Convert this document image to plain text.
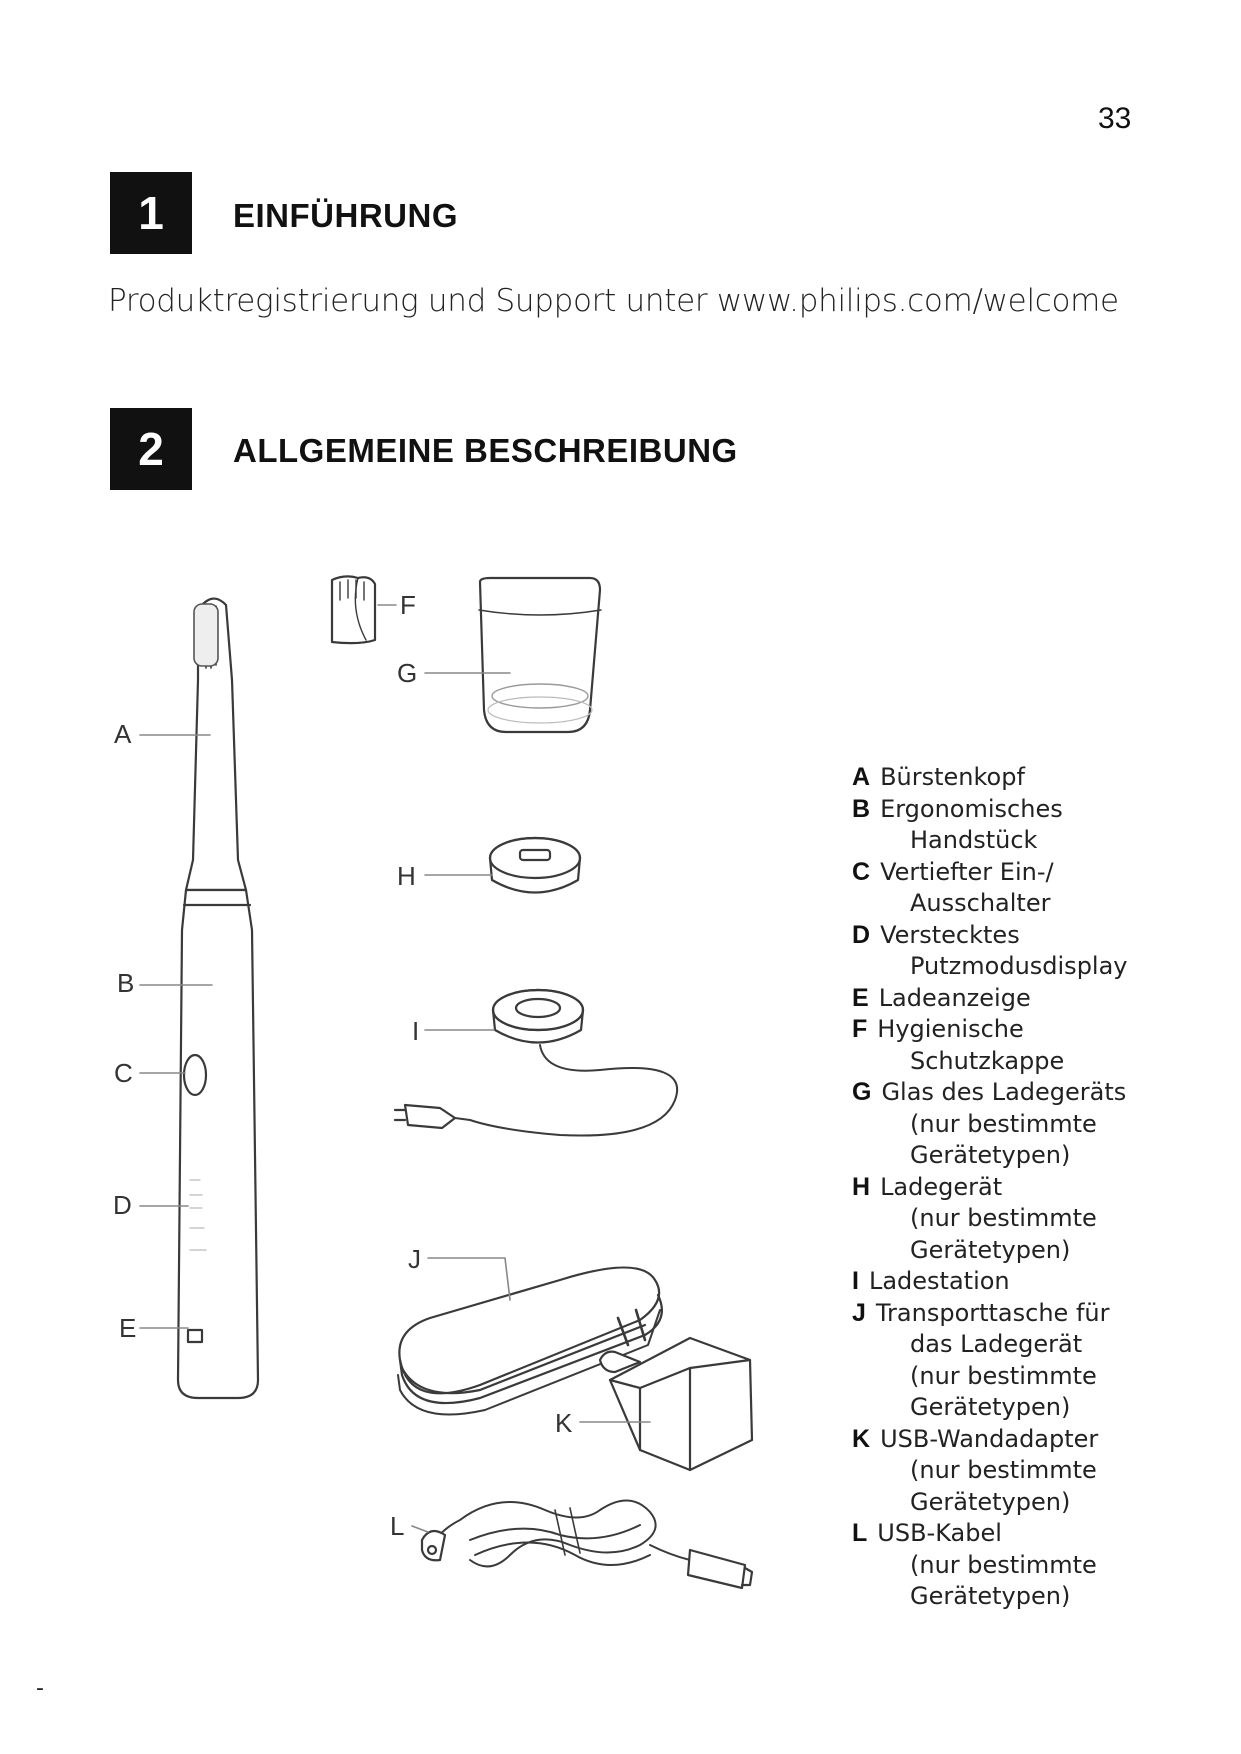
33
1	EINFÜHRUNG
Produktregistrierung und Support unter www.philips.com/welcome
2	ALLGEMEINE BESCHREIBUNG
A
B
C
D
E
F
G
H
I
J
K
L
A Bürstenkopf
B Ergonomisches
Handstück
C Vertiefter Ein-/
Ausschalter
D Verstecktes
Putzmodusdisplay
E Ladeanzeige
F Hygienische
Schutzkappe
G Glas des Ladegeräts
(nur bestimmte
Gerätetypen)
H Ladegerät
(nur bestimmte
Gerätetypen)
I Ladestation
J Transporttasche für
das Ladegerät
(nur bestimmte
Gerätetypen)
K USB-Wandadapter
(nur bestimmte
Gerätetypen)
L USB-Kabel
(nur bestimmte
Gerätetypen)
-
